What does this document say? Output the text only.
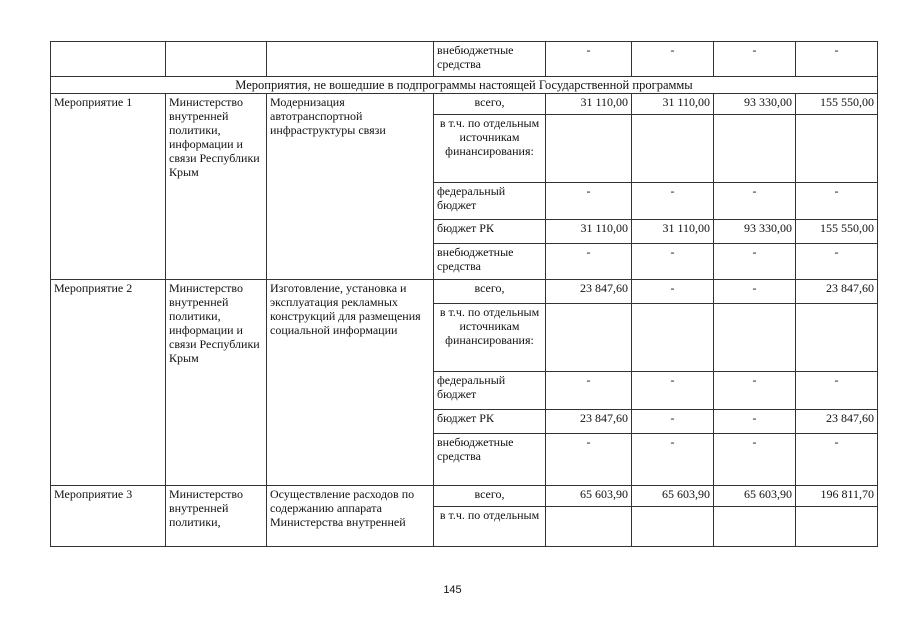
			внебюджетные средства	-	-	-	-
Мероприятия, не вошедшие в подпрограммы настоящей Государственной программы							
Мероприятие 1	Министерство внутренней политики, информации и связи Республики Крым	Модернизация автотранспортной инфраструктуры связи	всего,	31 110,00	31 110,00	93 330,00	155 550,00
			в т.ч. по отдельным источникам финансирования:				
			федеральный бюджет	-	-	-	-
			бюджет РК	31 110,00	31 110,00	93 330,00	155 550,00
			внебюджетные средства	-	-	-	-
Мероприятие 2	Министерство внутренней политики, информации и связи Республики Крым	Изготовление, установка и эксплуатация рекламных конструкций для размещения социальной информации	всего,	23 847,60	-	-	23 847,60
			в т.ч. по отдельным источникам финансирования:				
			федеральный бюджет	-	-	-	-
			бюджет РК	23 847,60	-	-	23 847,60
			внебюджетные средства	-	-	-	-
Мероприятие 3	Министерство внутренней политики,	Осуществление расходов по содержанию аппарата Министерства внутренней	всего,	65 603,90	65 603,90	65 603,90	196 811,70
			в т.ч. по отдельным				
145
